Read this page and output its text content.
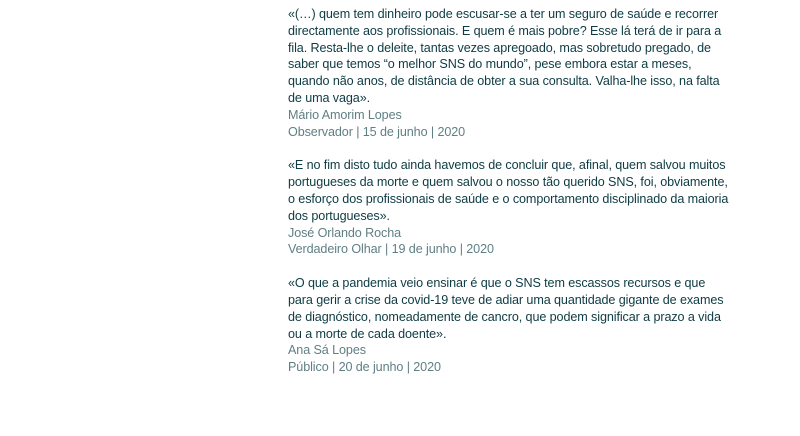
«(…) quem tem dinheiro pode escusar-se a ter um seguro de saúde e recorrer directamente aos profissionais. E quem é mais pobre? Esse lá terá de ir para a fila. Resta-lhe o deleite, tantas vezes apregoado, mas sobretudo pregado, de saber que temos “o melhor SNS do mundo”, pese embora estar a meses, quando não anos, de distância de obter a sua consulta. Valha-lhe isso, na falta de uma vaga».

Mário Amorim Lopes

Observador | 15 de junho | 2020

«E no fim disto tudo ainda havemos de concluir que, afinal, quem salvou muitos portugueses da morte e quem salvou o nosso tão querido SNS, foi, obviamente, o esforço dos profissionais de saúde e o comportamento disciplinado da maioria dos portugueses».

José Orlando Rocha

Verdadeiro Olhar | 19 de junho | 2020

«O que a pandemia veio ensinar é que o SNS tem escassos recursos e que para gerir a crise da covid-19 teve de adiar uma quantidade gigante de exames de diagnóstico, nomeadamente de cancro, que podem significar a prazo a vida ou a morte de cada doente».

Ana Sá Lopes

Público | 20 de junho | 2020
